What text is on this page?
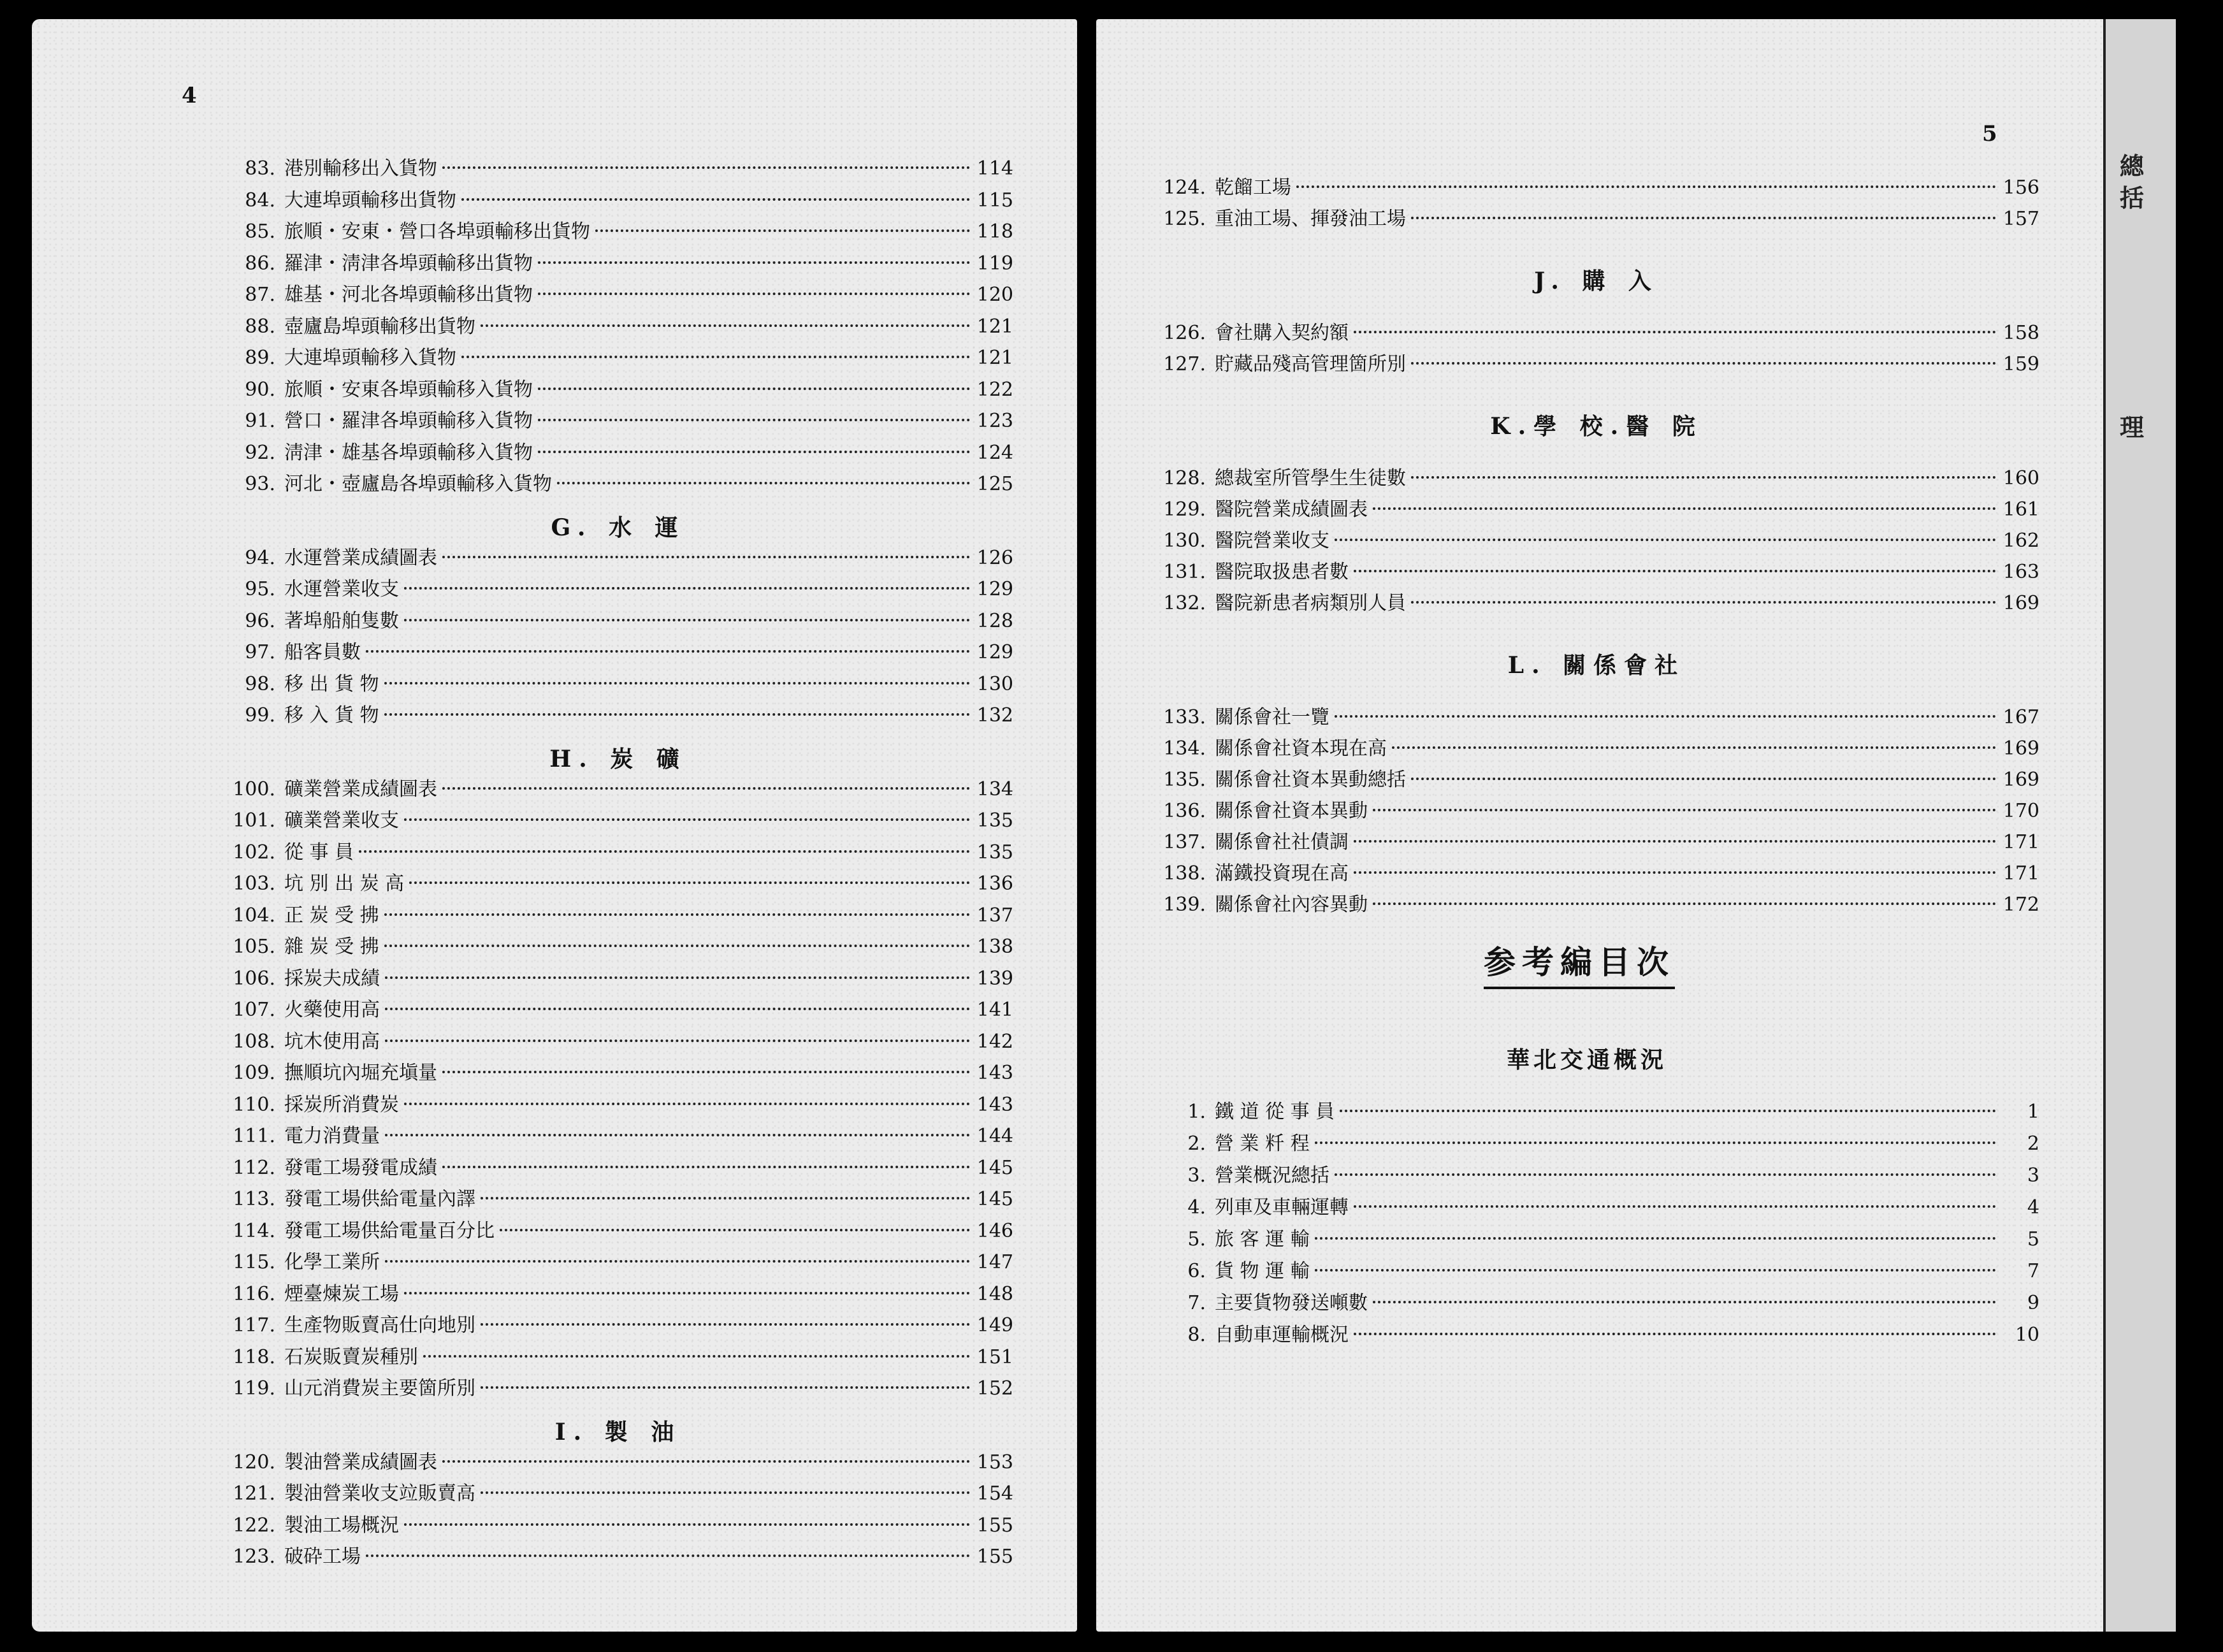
4
83. 港別輸移出入貨物	114
84. 大連埠頭輸移出貨物	115
85. 旅順・安東・營口各埠頭輸移出貨物	118
86. 羅津・淸津各埠頭輸移出貨物	119
87. 雄基・河北各埠頭輸移出貨物	120
88. 壺廬島埠頭輸移出貨物	121
89. 大連埠頭輸移入貨物	121
90. 旅順・安東各埠頭輸移入貨物	122
91. 營口・羅津各埠頭輸移入貨物	123
92. 淸津・雄基各埠頭輸移入貨物	124
93. 河北・壺廬島各埠頭輸移入貨物	125
G. 水 運
94. 水運營業成績圖表	126
95. 水運營業收支	129
96. 著埠船舶隻數	128
97. 船客員數	129
98. 移 出 貨 物	130
99. 移 入 貨 物	132
H. 炭 礦
100. 礦業營業成績圖表	134
101. 礦業營業收支	135
102. 從 事 員	135
103. 坑 別 出 炭 高	136
104. 正 炭 受 拂	137
105. 雜 炭 受 拂	138
106. 採炭夫成績	139
107. 火藥使用高	141
108. 坑木使用高	142
109. 撫順坑內堀充塡量	143
110. 採炭所消費炭	143
111. 電力消費量	144
112. 發電工場發電成績	145
113. 發電工場供給電量內譯	145
114. 發電工場供給電量百分比	146
115. 化學工業所	147
116. 煙臺煉炭工場	148
117. 生產物販賣高仕向地別	149
118. 石炭販賣炭種別	151
119. 山元消費炭主要箇所別	152
I. 製 油
120. 製油營業成績圖表	153
121. 製油營業收支竝販賣高	154
122. 製油工場概況	155
123. 破砕工場	155
5
124. 乾餾工場	156
125. 重油工場、揮發油工場	157
J. 購 入
126. 會社購入契約額	158
127. 貯藏品殘高管理箇所別	159
K.學 校.醫 院
128. 總裁室所管學生生徒數	160
129. 醫院營業成績圖表	161
130. 醫院營業收支	162
131. 醫院取扱患者數	163
132. 醫院新患者病類別人員	169
L. 關係會社
133. 關係會社一覽	167
134. 關係會社資本現在高	169
135. 關係會社資本異動總括	169
136. 關係會社資本異動	170
137. 關係會社社債調	171
138. 滿鐵投資現在高	171
139. 關係會社內容異動	172
参考編目次
華北交通概況
1. 鐵 道 從 事 員	1
2. 營 業 粁 程	2
3. 營業概況總括	3
4. 列車及車輛運轉	4
5. 旅 客 運 輸	5
6. 貨 物 運 輸	7
7. 主要貨物發送噸數	9
8. 自動車運輸概況	10
總
括
理
